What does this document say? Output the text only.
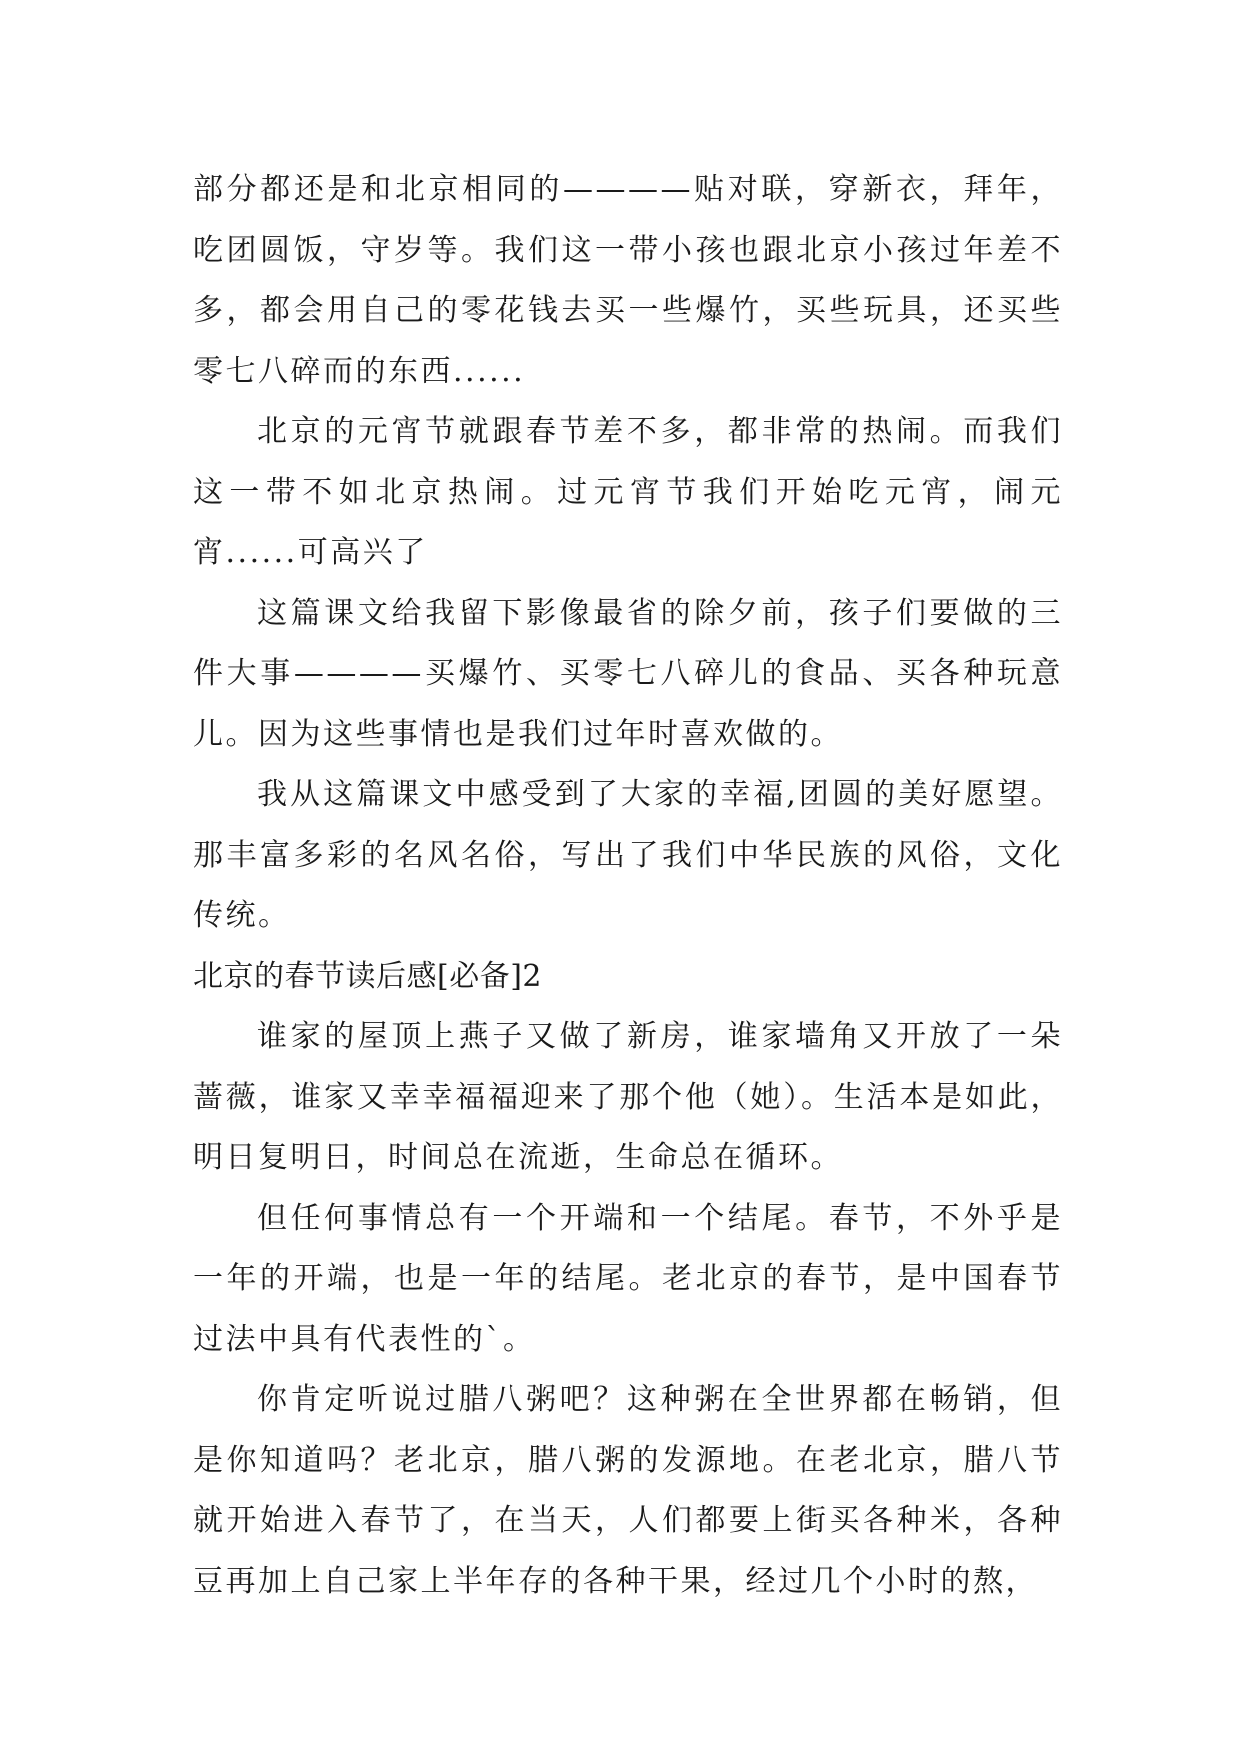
部分都还是和北京相同的————贴对联，穿新衣，拜年，吃团圆饭，守岁等。我们这一带小孩也跟北京小孩过年差不多，都会用自己的零花钱去买一些爆竹，买些玩具，还买些零七八碎而的东西......

北京的元宵节就跟春节差不多，都非常的热闹。而我们这一带不如北京热闹。过元宵节我们开始吃元宵，闹元宵......可高兴了

这篇课文给我留下影像最省的除夕前，孩子们要做的三件大事————买爆竹、买零七八碎儿的食品、买各种玩意儿。因为这些事情也是我们过年时喜欢做的。

我从这篇课文中感受到了大家的幸福,团圆的美好愿望。那丰富多彩的名风名俗，写出了我们中华民族的风俗，文化传统。

北京的春节读后感[必备]2

谁家的屋顶上燕子又做了新房，谁家墙角又开放了一朵蔷薇，谁家又幸幸福福迎来了那个他（她）。生活本是如此，明日复明日，时间总在流逝，生命总在循环。

但任何事情总有一个开端和一个结尾。春节，不外乎是一年的开端，也是一年的结尾。老北京的春节，是中国春节过法中具有代表性的`。

你肯定听说过腊八粥吧？这种粥在全世界都在畅销，但是你知道吗？老北京，腊八粥的发源地。在老北京，腊八节就开始进入春节了，在当天，人们都要上街买各种米，各种豆再加上自己家上半年存的各种干果，经过几个小时的熬，
